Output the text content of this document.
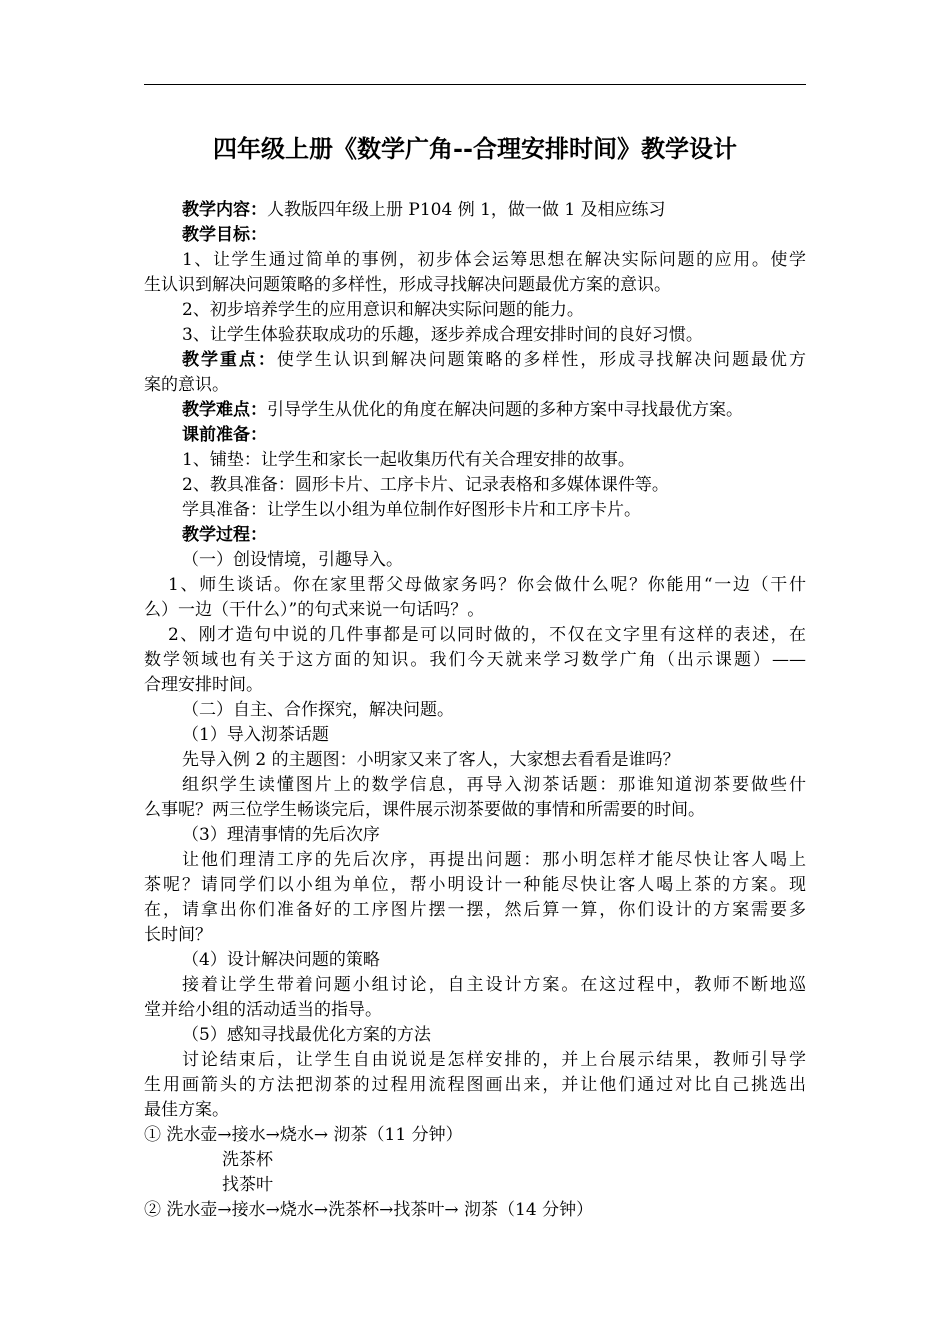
四年级上册《数学广角--合理安排时间》教学设计
教学内容：人教版四年级上册 P104 例 1，做一做 1 及相应练习
教学目标：
1、让学生通过简单的事例，初步体会运筹思想在解决实际问题的应用。使学
生认识到解决问题策略的多样性，形成寻找解决问题最优方案的意识。
2、初步培养学生的应用意识和解决实际问题的能力。
3、让学生体验获取成功的乐趣，逐步养成合理安排时间的良好习惯。
教学重点：使学生认识到解决问题策略的多样性，形成寻找解决问题最优方
案的意识。
教学难点：引导学生从优化的角度在解决问题的多种方案中寻找最优方案。
课前准备：
1、铺垫：让学生和家长一起收集历代有关合理安排的故事。
2、教具准备：圆形卡片、工序卡片、记录表格和多媒体课件等。
学具准备：让学生以小组为单位制作好图形卡片和工序卡片。
教学过程：
（一）创设情境，引趣导入。
1、师生谈话。你在家里帮父母做家务吗？你会做什么呢？你能用“一边（干什
么）一边（干什么）”的句式来说一句话吗？。
2、刚才造句中说的几件事都是可以同时做的，不仅在文字里有这样的表述，在
数学领域也有关于这方面的知识。我们今天就来学习数学广角（出示课题）——
合理安排时间。
（二）自主、合作探究，解决问题。
（1）导入沏茶话题
先导入例 2 的主题图：小明家又来了客人，大家想去看看是谁吗？
组织学生读懂图片上的数学信息，再导入沏茶话题：那谁知道沏茶要做些什
么事呢？两三位学生畅谈完后，课件展示沏茶要做的事情和所需要的时间。
（3）理清事情的先后次序
让他们理清工序的先后次序，再提出问题：那小明怎样才能尽快让客人喝上
茶呢？请同学们以小组为单位，帮小明设计一种能尽快让客人喝上茶的方案。现
在，请拿出你们准备好的工序图片摆一摆，然后算一算，你们设计的方案需要多
长时间？
（4）设计解决问题的策略
接着让学生带着问题小组讨论，自主设计方案。在这过程中，教师不断地巡
堂并给小组的活动适当的指导。
（5）感知寻找最优化方案的方法
讨论结束后，让学生自由说说是怎样安排的，并上台展示结果，教师引导学
生用画箭头的方法把沏茶的过程用流程图画出来，并让他们通过对比自己挑选出
最佳方案。
① 洗水壶→接水→烧水→ 沏茶（11 分钟）
洗茶杯
找茶叶
② 洗水壶→接水→烧水→洗茶杯→找茶叶→ 沏茶（14 分钟）
